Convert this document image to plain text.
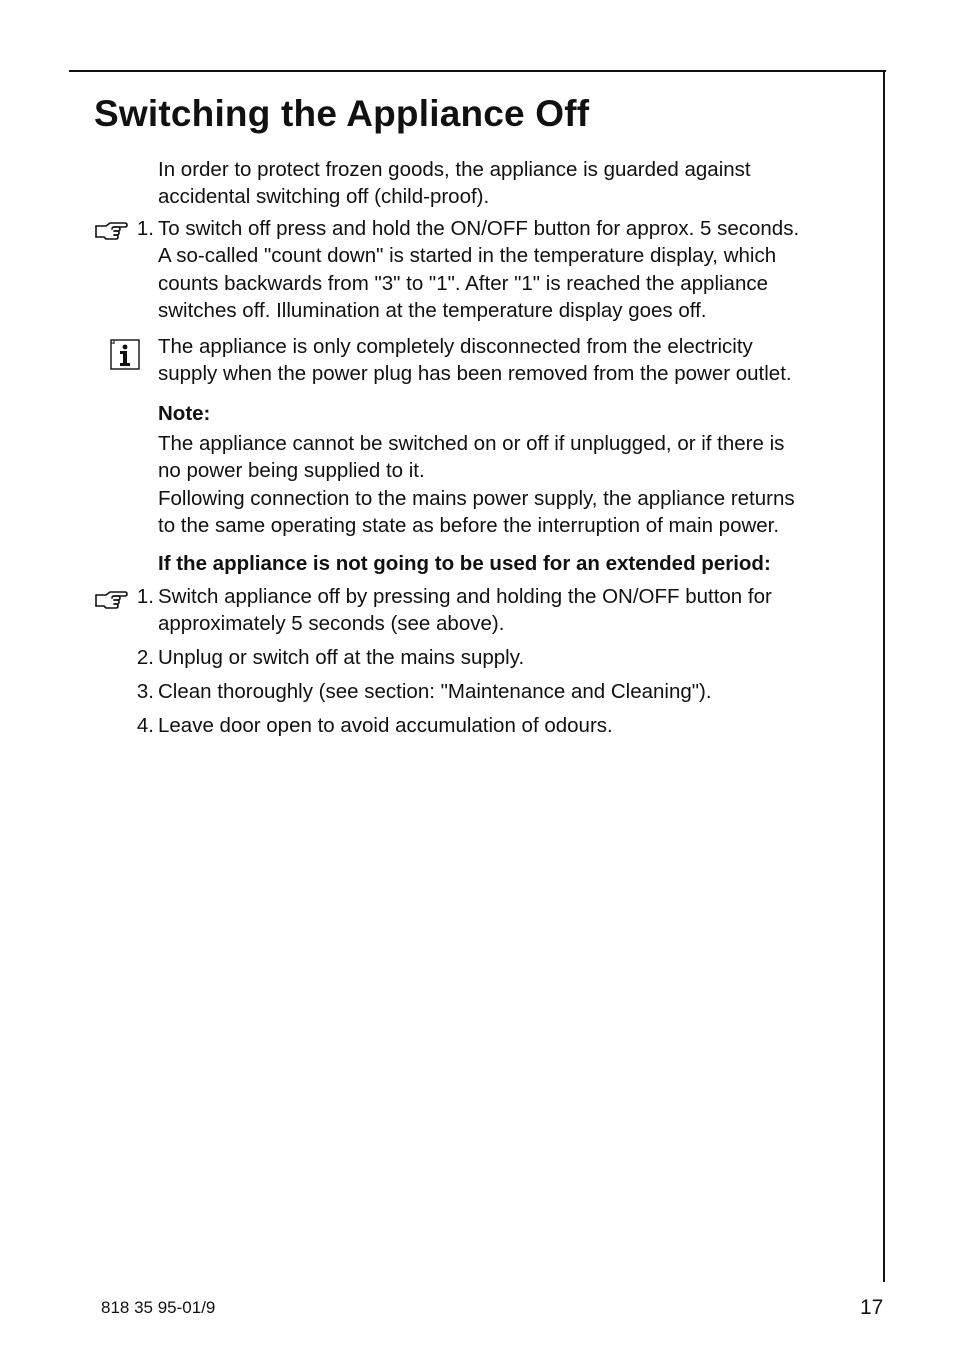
Switching the Appliance Off
In order to protect frozen goods, the appliance is guarded against
accidental switching off (child-proof).
1. To switch off press and hold the ON/OFF button for approx. 5 seconds.
A so-called "count down" is started in the temperature display, which
counts backwards from "3" to "1". After "1" is reached the appliance
switches off. Illumination at the temperature display goes off.
The appliance is only completely disconnected from the electricity
supply when the power plug has been removed from the power outlet.
Note:
The appliance cannot be switched on or off if unplugged, or if there is
no power being supplied to it.
Following connection to the mains power supply, the appliance returns
to the same operating state as before the interruption of main power.
If the appliance is not going to be used for an extended period:
1. Switch appliance off by pressing and holding the ON/OFF button for
approximately 5 seconds (see above).
2. Unplug or switch off at the mains supply.
3. Clean thoroughly (see section: "Maintenance and Cleaning").
4. Leave door open to avoid accumulation of odours.
818 35 95-01/9	17
